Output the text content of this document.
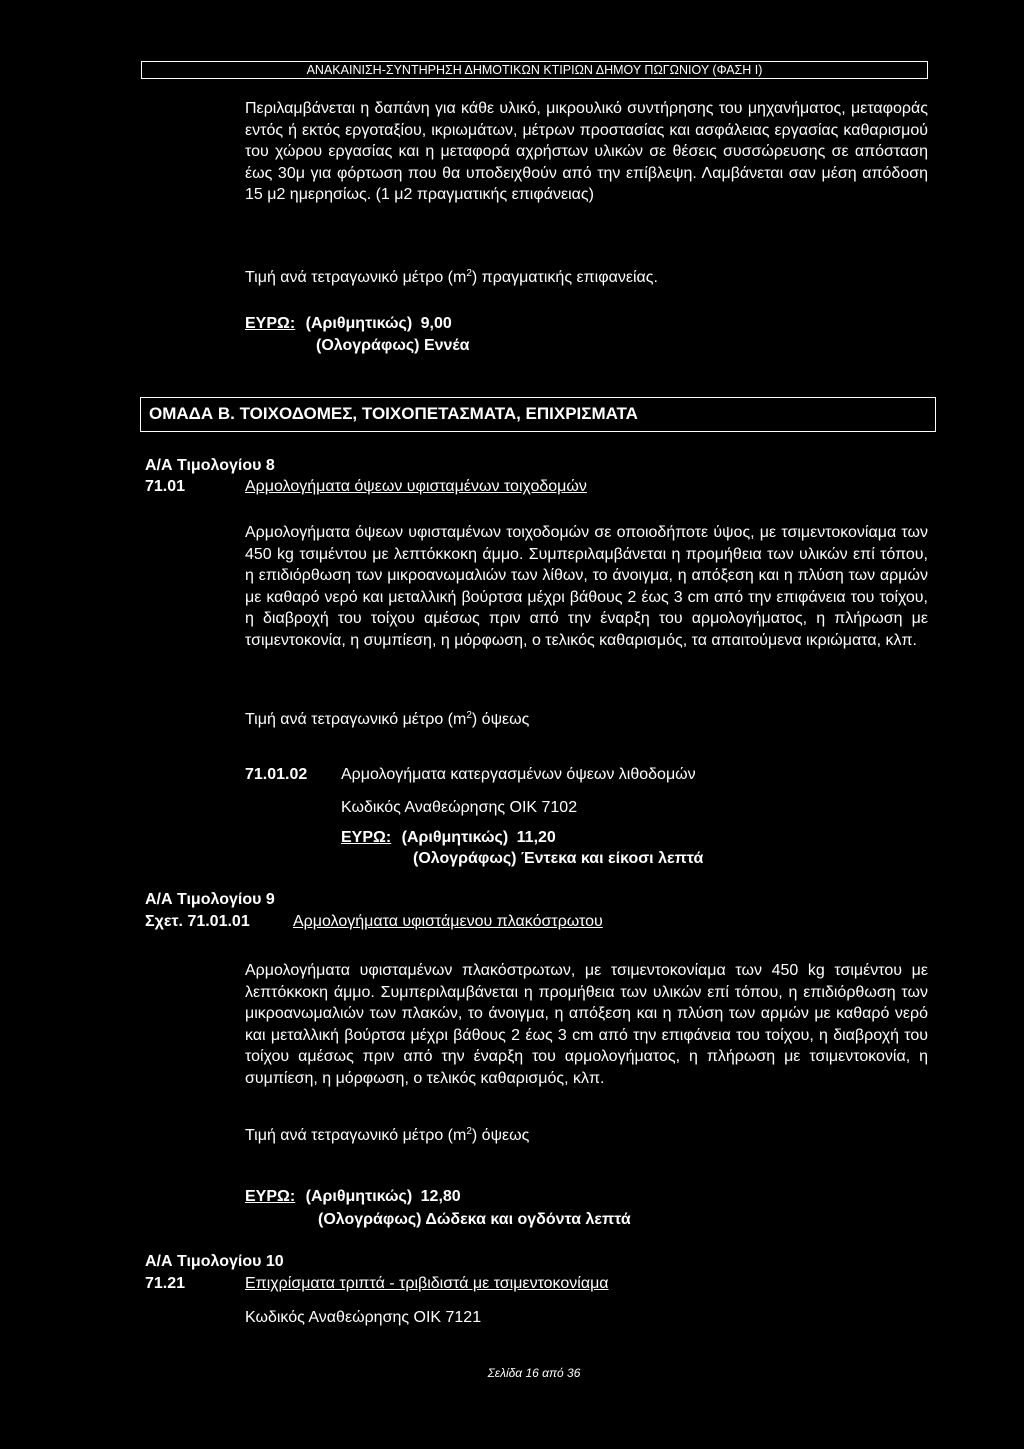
ΑΝΑΚΑΙΝΙΣΗ-ΣΥΝΤΗΡΗΣΗ ΔΗΜΟΤΙΚΩΝ ΚΤΙΡΙΩΝ ΔΗΜΟΥ ΠΩΓΩΝΙΟΥ (ΦΑΣΗ Ι)
Περιλαμβάνεται η δαπάνη για κάθε υλικό, μικρουλικό συντήρησης του μηχανήματος, μεταφοράς εντός ή εκτός εργοταξίου, ικριωμάτων, μέτρων προστασίας και ασφάλειας εργασίας καθαρισμού του χώρου εργασίας και η μεταφορά αχρήστων υλικών σε θέσεις συσσώρευσης σε απόσταση έως 30μ για φόρτωση που θα υποδειχθούν από την επίβλεψη. Λαμβάνεται σαν μέση απόδοση 15 μ2 ημερησίως. (1 μ2 πραγματικής επιφάνειας)
Τιμή ανά τετραγωνικό μέτρο $(m^2)$ πραγματικής επιφανείας.
ΕΥΡΩ: (Αριθμητικώς) 9,00
(Ολογράφως) Εννέα
ΟΜΑΔΑ Β. ΤΟΙΧΟΔΟΜΕΣ, ΤΟΙΧΟΠΕΤΑΣΜΑΤΑ, ΕΠΙΧΡΙΣΜΑΤΑ
Α/Α Τιμολογίου 8
71.01	Αρμολογήματα όψεων υφισταμένων τοιχοδομών
Αρμολογήματα όψεων υφισταμένων τοιχοδομών σε οποιοδήποτε ύψος, με τσιμεντοκονίαμα των 450 kg τσιμέντου με λεπτόκκοκη άμμο. Συμπεριλαμβάνεται η προμήθεια των υλικών επί τόπου, η επιδιόρθωση των μικροανωμαλιών των λίθων, το άνοιγμα, η απόξεση και η πλύση των αρμών με καθαρό νερό και μεταλλική βούρτσα μέχρι βάθους 2 έως 3 cm από την επιφάνεια του τοίχου, η διαβροχή του τοίχου αμέσως πριν από την έναρξη του αρμολογήματος, η πλήρωση με τσιμεντοκονία, η συμπίεση, η μόρφωση, ο τελικός καθαρισμός, τα απαιτούμενα ικριώματα, κλπ.
Τιμή ανά τετραγωνικό μέτρο $(m^2)$ όψεως
71.01.02 Αρμολογήματα κατεργασμένων όψεων λιθοδομών
Κωδικός Αναθεώρησης ΟΙΚ 7102
ΕΥΡΩ: (Αριθμητικώς) 11,20
(Ολογράφως) Έντεκα και είκοσι λεπτά
Α/Α Τιμολογίου 9
Σχετ. 71.01.01	Αρμολογήματα υφιστάμενου πλακόστρωτου
Αρμολογήματα υφισταμένων πλακόστρωτων, με τσιμεντοκονίαμα των 450 kg τσιμέντου με λεπτόκκοκη άμμο. Συμπεριλαμβάνεται η προμήθεια των υλικών επί τόπου, η επιδιόρθωση των μικροανωμαλιών των πλακών, το άνοιγμα, η απόξεση και η πλύση των αρμών με καθαρό νερό και μεταλλική βούρτσα μέχρι βάθους 2 έως 3 cm από την επιφάνεια του τοίχου, η διαβροχή του τοίχου αμέσως πριν από την έναρξη του αρμολογήματος, η πλήρωση με τσιμεντοκονία, η συμπίεση, η μόρφωση, ο τελικός καθαρισμός, κλπ.
Τιμή ανά τετραγωνικό μέτρο $(m^2)$ όψεως
ΕΥΡΩ: (Αριθμητικώς) 12,80
(Ολογράφως) Δώδεκα και ογδόντα λεπτά
Α/Α Τιμολογίου 10
71.21	Επιχρίσματα τριπτά - τριβιδιστά με τσιμεντοκονίαμα
Κωδικός Αναθεώρησης ΟΙΚ 7121
Σελίδα 16 από 36
